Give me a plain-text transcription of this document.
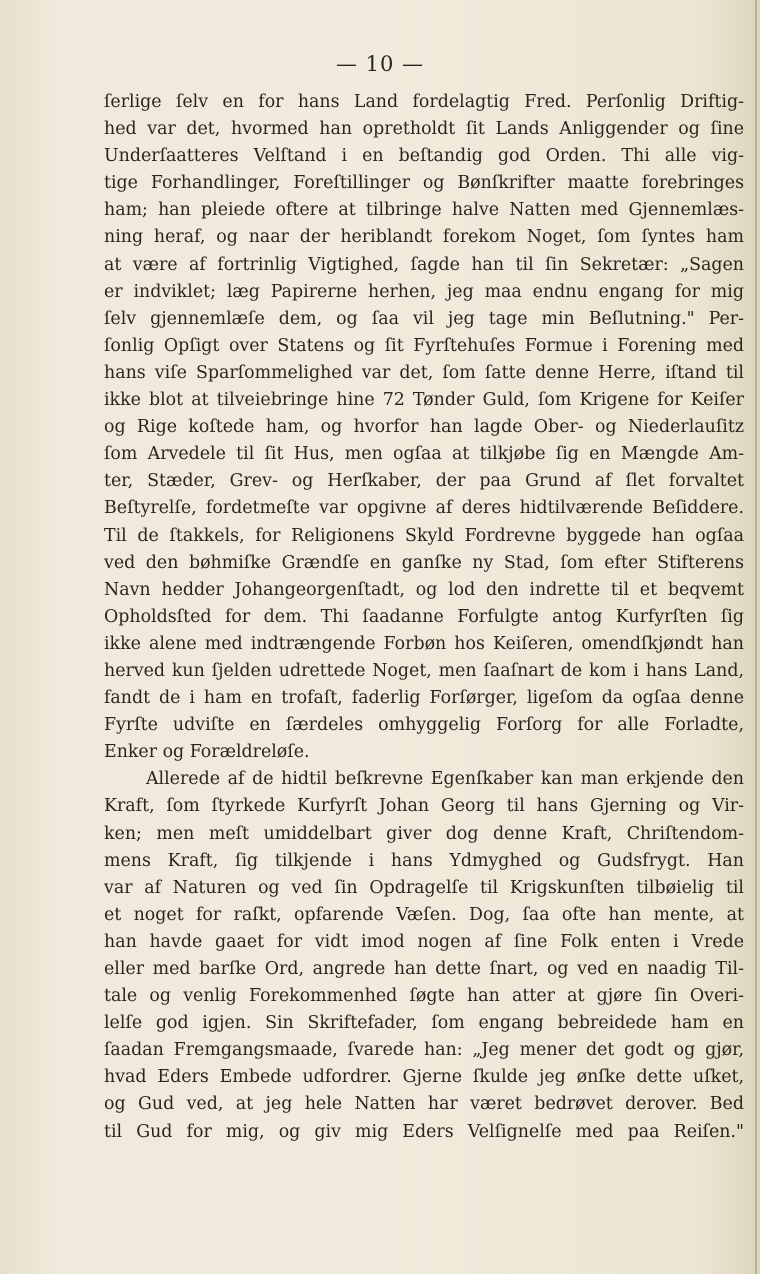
— 10 —
ſerlige ſelv en for hans Land fordelagtig Fred. Perſonlig Driftig-
hed var det, hvormed han opretholdt ſit Lands Anliggender og ſine
Underſaatteres Velſtand i en beſtandig god Orden. Thi alle vig-
tige Forhandlinger, Foreſtillinger og Bønſkrifter maatte forebringes
ham; han pleiede oftere at tilbringe halve Natten med Gjennemlæs-
ning heraf, og naar der heriblandt forekom Noget, ſom ſyntes ham
at være af fortrinlig Vigtighed, ſagde han til ſin Sekretær: „Sagen
er indviklet; læg Papirerne herhen, jeg maa endnu engang for mig
ſelv gjennemlæſe dem, og ſaa vil jeg tage min Beſlutning." Per-
ſonlig Opſigt over Statens og ſit Fyrſtehuſes Formue i Forening med
hans viſe Sparſommelighed var det, ſom ſatte denne Herre, iſtand til
ikke blot at tilveiebringe hine 72 Tønder Guld, ſom Krigene for Keiſer
og Rige koſtede ham, og hvorfor han lagde Ober- og Niederlauſitz
ſom Arvedele til ſit Hus, men ogſaa at tilkjøbe ſig en Mængde Am-
ter, Stæder, Grev- og Herſkaber, der paa Grund af ſlet forvaltet
Beſtyrelſe, fordetmeſte var opgivne af deres hidtilværende Beſiddere.
Til de ſtakkels, for Religionens Skyld Fordrevne byggede han ogſaa
ved den bøhmiſke Grændſe en ganſke ny Stad, ſom efter Stifterens
Navn hedder Johangeorgenſtadt, og lod den indrette til et beqvemt
Opholdsſted for dem. Thi ſaadanne Forfulgte antog Kurfyrſten ſig
ikke alene med indtrængende Forbøn hos Keiſeren, omendſkjøndt han
herved kun ſjelden udrettede Noget, men ſaaſnart de kom i hans Land,
fandt de i ham en trofaſt, faderlig Forſørger, ligeſom da ogſaa denne
Fyrſte udviſte en ſærdeles omhyggelig Forſorg for alle Forladte,
Enker og Forældreløſe.
Allerede af de hidtil beſkrevne Egenſkaber kan man erkjende den
Kraft, ſom ſtyrkede Kurfyrſt Johan Georg til hans Gjerning og Vir-
ken; men meſt umiddelbart giver dog denne Kraft, Chriſtendom-
mens Kraft, ſig tilkjende i hans Ydmyghed og Gudsfrygt. Han
var af Naturen og ved ſin Opdragelſe til Krigskunſten tilbøielig til
et noget for raſkt, opfarende Væſen. Dog, ſaa ofte han mente, at
han havde gaaet for vidt imod nogen af ſine Folk enten i Vrede
eller med barſke Ord, angrede han dette ſnart, og ved en naadig Til-
tale og venlig Forekommenhed ſøgte han atter at gjøre ſin Overi-
lelſe god igjen. Sin Skriftefader, ſom engang bebreidede ham en
ſaadan Fremgangsmaade, ſvarede han: „Jeg mener det godt og gjør,
hvad Eders Embede udfordrer. Gjerne ſkulde jeg ønſke dette uſket,
og Gud ved, at jeg hele Natten har været bedrøvet derover. Bed
til Gud for mig, og giv mig Eders Velſignelſe med paa Reiſen."
